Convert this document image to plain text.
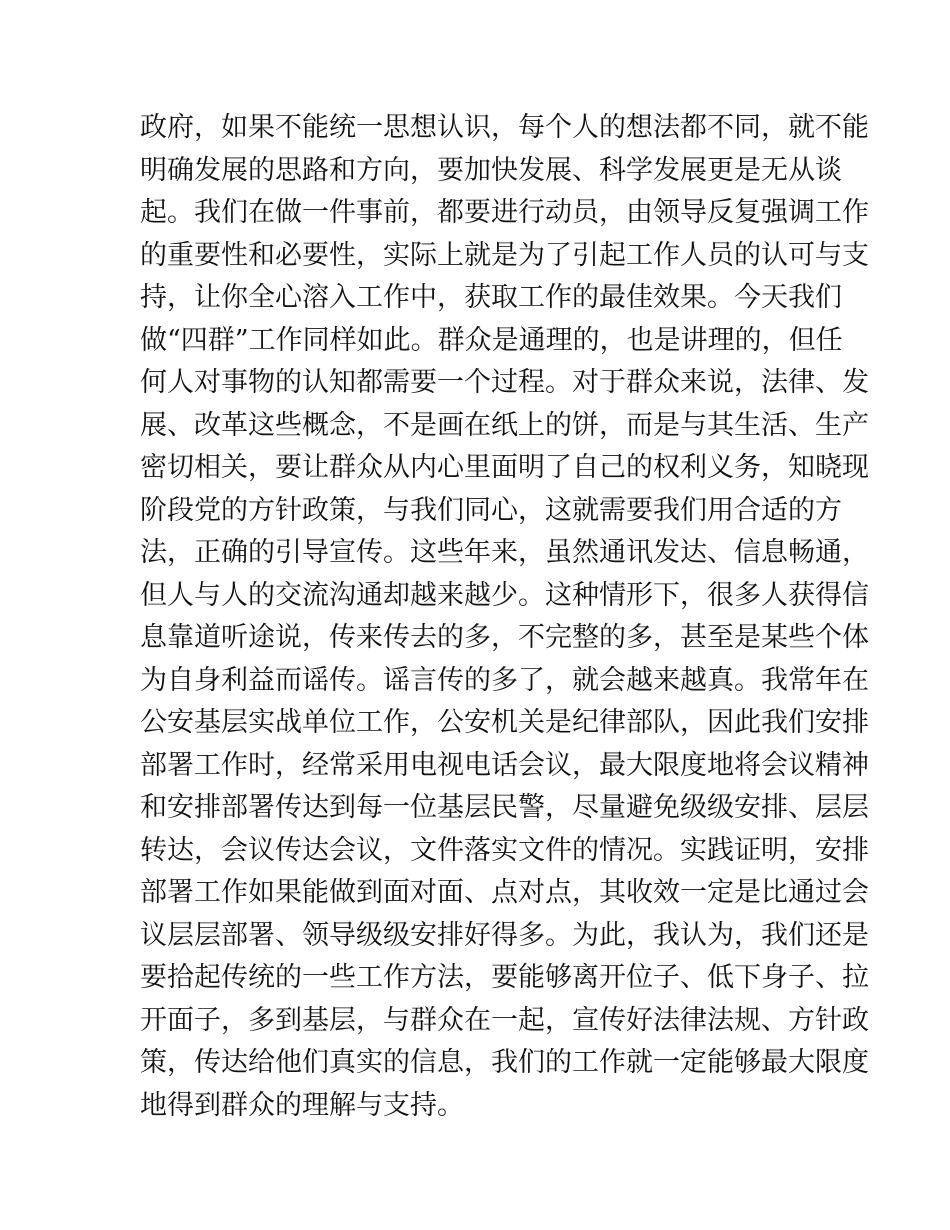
政府，如果不能统一思想认识，每个人的想法都不同，就不能
明确发展的思路和方向，要加快发展、科学发展更是无从谈
起。我们在做一件事前，都要进行动员，由领导反复强调工作
的重要性和必要性，实际上就是为了引起工作人员的认可与支
持，让你全心溶入工作中，获取工作的最佳效果。今天我们
做“四群”工作同样如此。群众是通理的，也是讲理的，但任
何人对事物的认知都需要一个过程。对于群众来说，法律、发
展、改革这些概念，不是画在纸上的饼，而是与其生活、生产
密切相关，要让群众从内心里面明了自己的权利义务，知晓现
阶段党的方针政策，与我们同心，这就需要我们用合适的方
法，正确的引导宣传。这些年来，虽然通讯发达、信息畅通，
但人与人的交流沟通却越来越少。这种情形下，很多人获得信
息靠道听途说，传来传去的多，不完整的多，甚至是某些个体
为自身利益而谣传。谣言传的多了，就会越来越真。我常年在
公安基层实战单位工作，公安机关是纪律部队，因此我们安排
部署工作时，经常采用电视电话会议，最大限度地将会议精神
和安排部署传达到每一位基层民警，尽量避免级级安排、层层
转达，会议传达会议，文件落实文件的情况。实践证明，安排
部署工作如果能做到面对面、点对点，其收效一定是比通过会
议层层部署、领导级级安排好得多。为此，我认为，我们还是
要拾起传统的一些工作方法，要能够离开位子、低下身子、拉
开面子，多到基层，与群众在一起，宣传好法律法规、方针政
策，传达给他们真实的信息，我们的工作就一定能够最大限度
地得到群众的理解与支持。
